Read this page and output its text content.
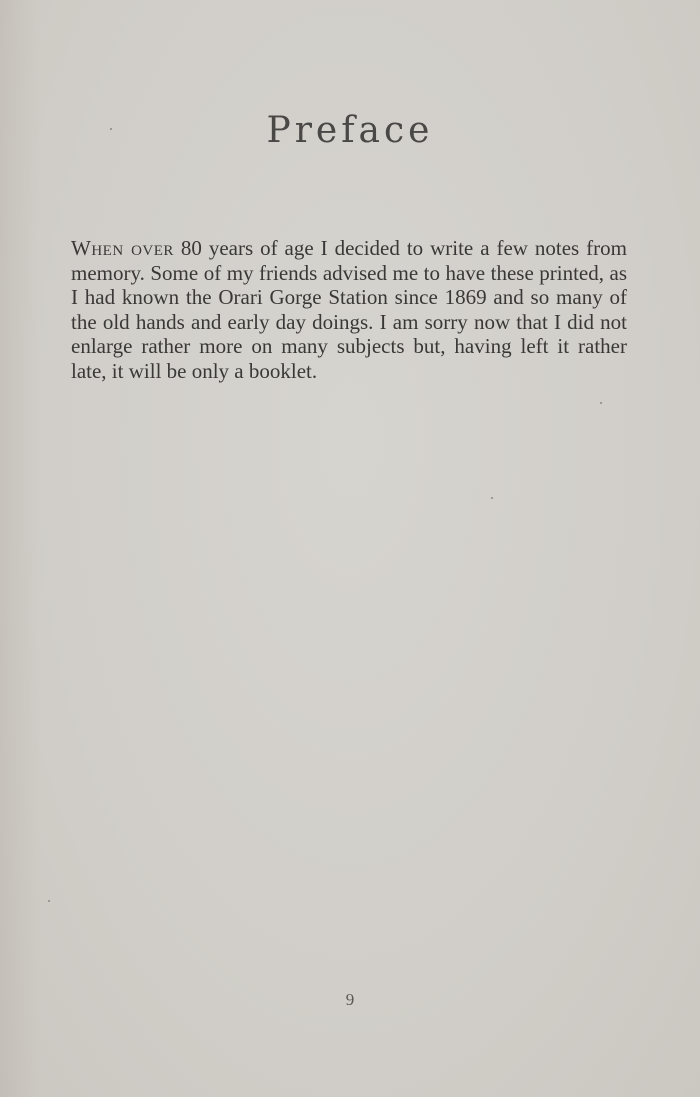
Preface

When over 80 years of age I decided to write a few notes from memory. Some of my friends advised me to have these printed, as I had known the Orari Gorge Station since 1869 and so many of the old hands and early day doings. I am sorry now that I did not enlarge rather more on many subjects but, having left it rather late, it will be only a booklet.

9
